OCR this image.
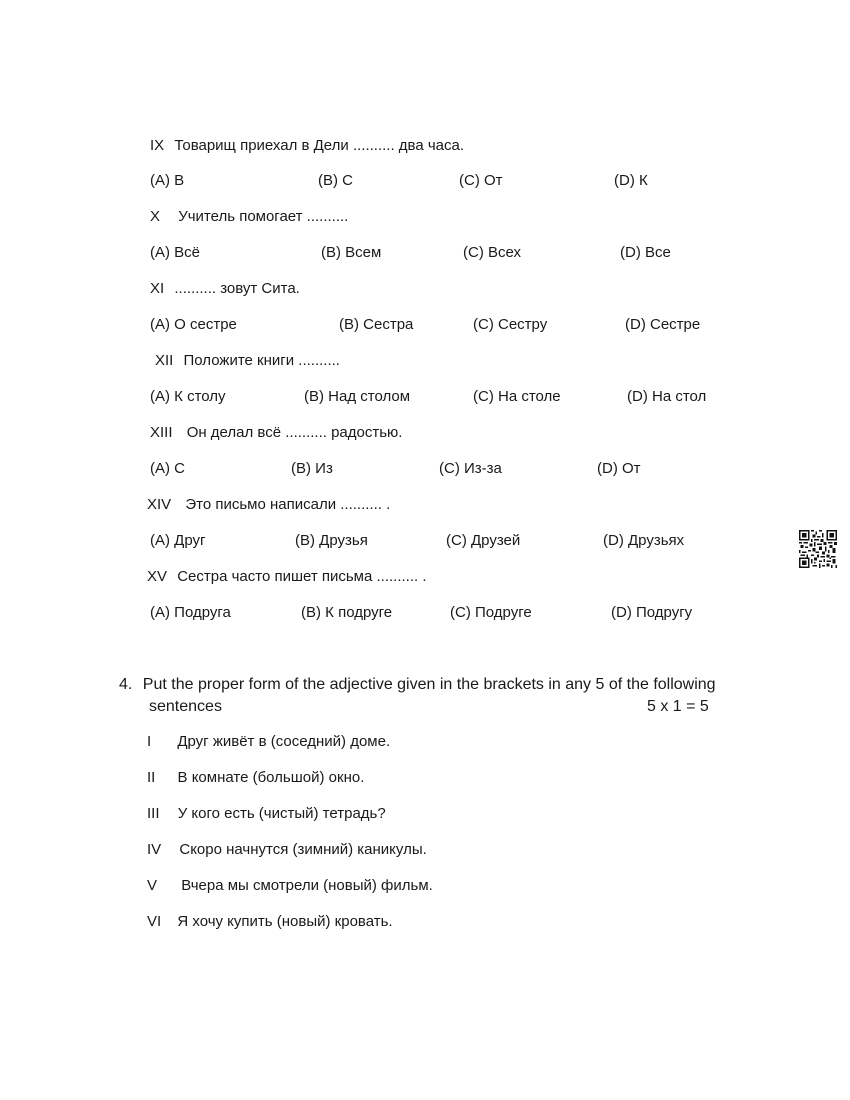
IX Товарищ приехал в Дели .......... два часа.
(A) В	(B) С	(C) От	(D) К
X Учитель помогает ..........
(A) Всё	(B) Всем	(C) Всех	(D) Все
XI .......... зовут Сита.
(A) О сестре	(B) Сестра	(C) Сестру	(D) Сестре
XII Положите книги ..........
(A) К столу	(B) Над столом	(C) На столе	(D) На стол
XIII Он делал всё .......... радостью.
(A) С	(B) Из	(C) Из-за	(D) От
XIV Это письмо написали .......... .
(A) Друг	(B) Друзья	(C) Друзей	(D) Друзьях
XV Сестра часто пишет письма .......... .
(A) Подруга	(B) К подруге	(C) Подруге	(D) Подругу
4. Put the proper form of the adjective given in the brackets in any 5 of the following
sentences	5 x 1 = 5
I Друг живёт в (соседний) доме.
II В комнате (большой) окно.
III У кого есть (чистый) тетрадь?
IV Скоро начнутся (зимний) каникулы.
V Вчера мы смотрели (новый) фильм.
VI Я хочу купить (новый) кровать.
